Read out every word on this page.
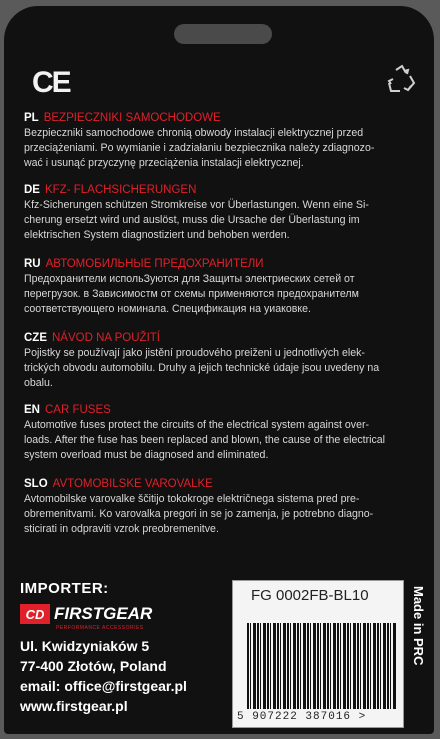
CE

PL BEZPIECZNIKI SAMOCHODOWE

Bezpieczniki samochodowe chronią obwody instalacji elektrycznej przed
przeciążeniami. Po wymianie i zadziałaniu bezpiecznika należy zdiagnozo-
wać i usunąć przyczynę przeciążenia instalacji elektrycznej.

DE KFZ- FLACHSICHERUNGEN

Kfz-Sicherungen schützen Stromkreise vor Überlastungen. Wenn eine Si-
cherung ersetzt wird und auslöst, muss die Ursache der Überlastung im
elektrischen System diagnostiziert und behoben werden.

RU АВТОМОБИЛЬНЫЕ ПРЕДОХРАНИТЕЛИ

Предохранители испольЗуются для Защиты электриеских сетей от
перегрузок. в Зависимостм от схемы применяются предохранителм
соответствующего номинала. Спецификация на уиаковке.

CZE NÁVOD NA POUŽITÍ

Pojistky se používají jako jistění proudového preiženi u jednotlivých elek-
trických obvodu automobilu. Druhy a jejich technické údaje jsou uvedeny na
obalu.

EN CAR FUSES

Automotive fuses protect the circuits of the electrical system against over-
loads. After the fuse has been replaced and blown, the cause of the electrical
system overload must be diagnosed and eliminated.

SLO AVTOMOBILSKE VAROVALKE

Avtomobilske varovalke ščitijo tokokroge električnega sistema pred pre-
obremenitvami. Ko varovalka pregori in se jo zamenja, je potrebno diagno-
sticirati in odpraviti vzrok preobremenitve.

IMPORTER:
CD FIRSTGEAR
PERFORMANCE ACCESSORIES
Ul. Kwidzyniaków 5
77-400 Złotów, Poland
email: office@firstgear.pl
www.firstgear.pl
FG 0002FB-BL10
5 907222 387016 >
Made in PRC
